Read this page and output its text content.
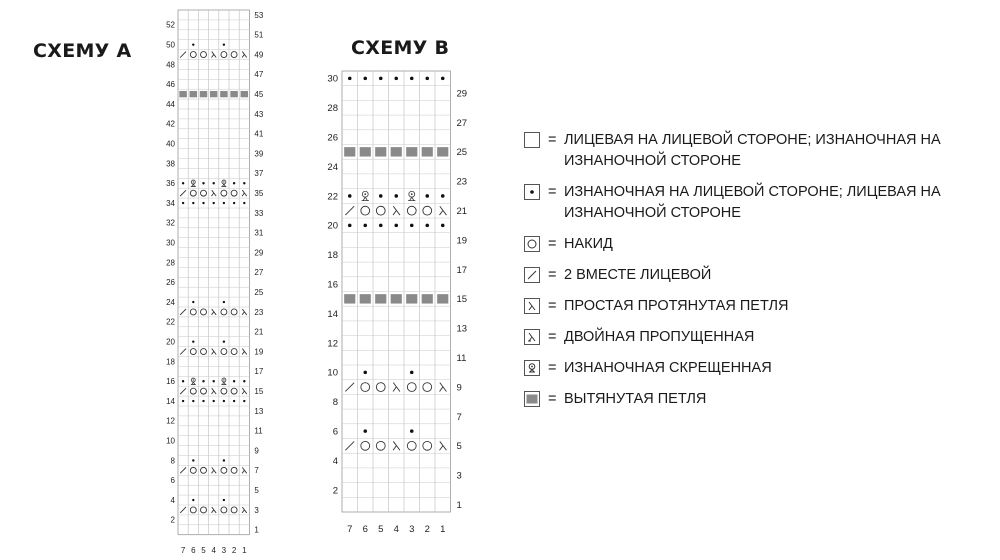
СХЕМУ А	СХЕМУ В
1
2
3
4
5
6
7
8
9
10
11
12
13
14
15
16
17
18
19
20
21
22
23
24
25
26
27
28
29
30
31
32
33
34
35
36
37
38
39
40
41
42
43
44
45
46
47
48
49
50
51
52
53
7 6 5 4 3 2 1
1
2
3
4
5
6
7
8
9
10
11
12
13
14
15
16
17
18
19
20
21
22
23
24
25
26
27
28
29
30
7 6 5 4 3 2 1
= ЛИЦЕВАЯ НА ЛИЦЕВОЙ СТОРОНЕ; ИЗНАНОЧНАЯ НА ИЗНАНОЧНОЙ СТОРОНЕ
= ИЗНАНОЧНАЯ НА ЛИЦЕВОЙ СТОРОНЕ; ЛИЦЕВАЯ НА ИЗНАНОЧНОЙ СТОРОНЕ
= НАКИД
= 2 ВМЕСТЕ ЛИЦЕВОЙ
= ПРОСТАЯ ПРОТЯНУТАЯ ПЕТЛЯ
= ДВОЙНАЯ ПРОПУЩЕННАЯ
= ИЗНАНОЧНАЯ СКРЕЩЕННАЯ
= ВЫТЯНУТАЯ ПЕТЛЯ
